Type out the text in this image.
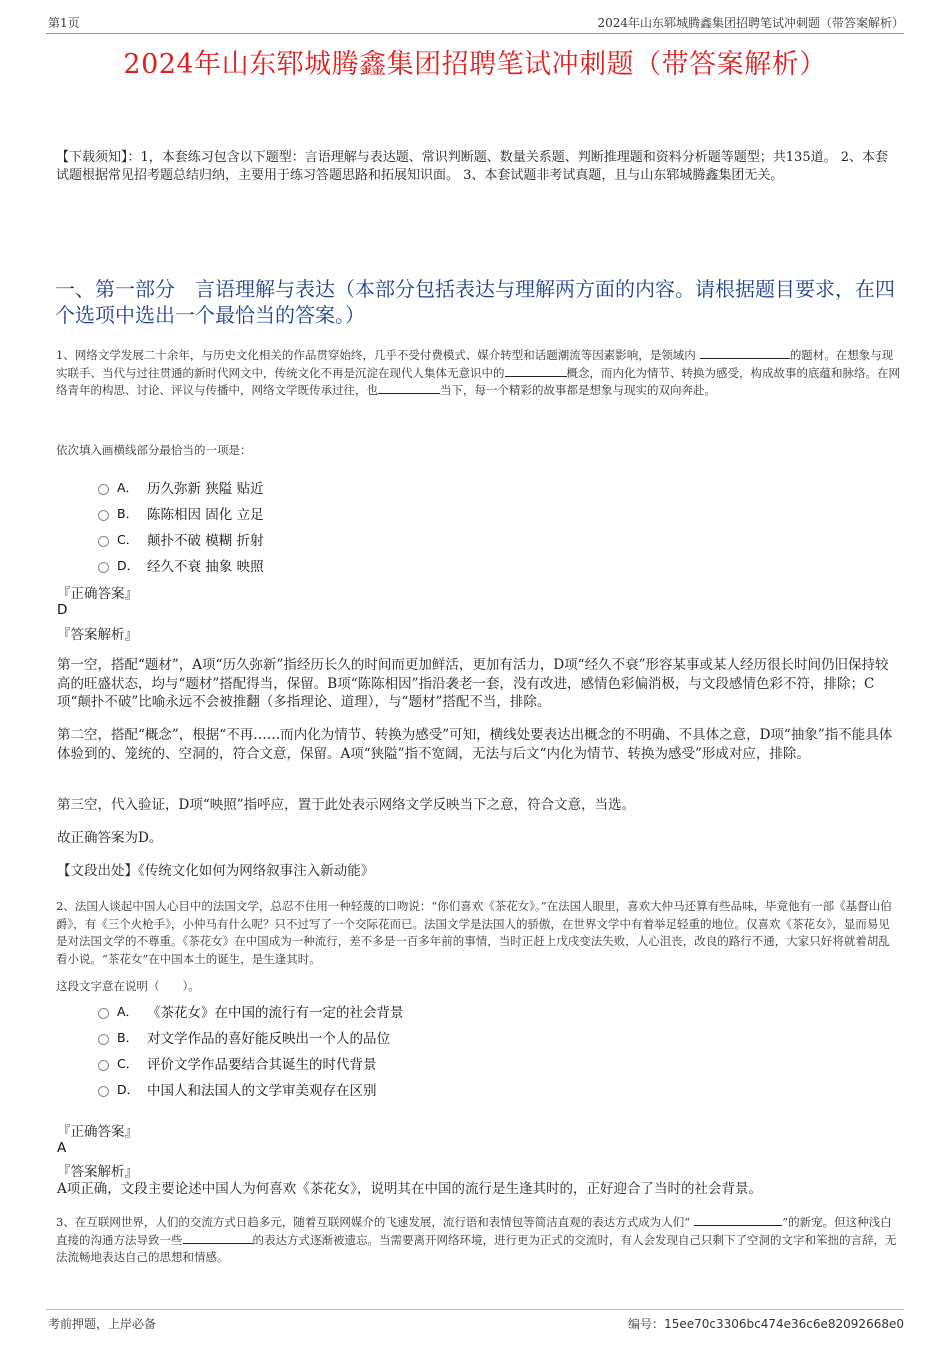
第1页	2024年山东郓城腾鑫集团招聘笔试冲刺题（带答案解析）
2024年山东郓城腾鑫集团招聘笔试冲刺题（带答案解析）
【下载须知】：1，本套练习包含以下题型：言语理解与表达题、常识判断题、数量关系题、判断推理题和资料分析题等题型；共135道。 2、本套试题根据常见招考题总结归纳，主要用于练习答题思路和拓展知识面。 3、本套试题非考试真题，且与山东郓城腾鑫集团无关。
一、第一部分　言语理解与表达（本部分包括表达与理解两方面的内容。请根据题目要求，在四个选项中选出一个最恰当的答案。）
1、网络文学发展二十余年，与历史文化相关的作品贯穿始终，几乎不受付费模式、媒介转型和话题潮流等因素影响，是领域内	的题材。在想象与现实联手、当代与过往贯通的新时代网文中，传统文化不再是沉淀在现代人集体无意识中的	概念，而内化为情节、转换为感受，构成故事的底蕴和脉络。在网络青年的构思、讨论、评议与传播中，网络文学既传承过往，也	当下，每一个精彩的故事都是想象与现实的双向奔赴。
依次填入画横线部分最恰当的一项是：
A． 历久弥新 狭隘 贴近
B． 陈陈相因 固化 立足
C． 颠扑不破 模糊 折射
D． 经久不衰 抽象 映照
『正确答案』
D
『答案解析』
第一空，搭配“题材”，A项“历久弥新”指经历长久的时间而更加鲜活，更加有活力，D项“经久不衰”形容某事或某人经历很长时间仍旧保持较高的旺盛状态，均与“题材”搭配得当，保留。B项“陈陈相因”指沿袭老一套，没有改进，感情色彩偏消极，与文段感情色彩不符，排除；C项“颠扑不破”比喻永远不会被推翻（多指理论、道理），与“题材”搭配不当，排除。
第二空，搭配“概念”，根据“不再……而内化为情节、转换为感受”可知，横线处要表达出概念的不明确、不具体之意，D项“抽象”指不能具体体验到的、笼统的、空洞的，符合文意，保留。A项“狭隘”指不宽阔，无法与后文“内化为情节、转换为感受”形成对应，排除。
第三空，代入验证，D项“映照”指呼应，置于此处表示网络文学反映当下之意，符合文意，当选。
故正确答案为D。
【文段出处】《传统文化如何为网络叙事注入新动能》
2、法国人谈起中国人心目中的法国文学，总忍不住用一种轻蔑的口吻说：“你们喜欢《茶花女》。”在法国人眼里，喜欢大仲马还算有些品味，毕竟他有一部《基督山伯爵》，有《三个火枪手》，小仲马有什么呢？只不过写了一个交际花而已。法国文学是法国人的骄傲，在世界文学中有着举足轻重的地位。仅喜欢《茶花女》，显而易见是对法国文学的不尊重。《茶花女》在中国成为一种流行，差不多是一百多年前的事情，当时正赶上戊戌变法失败，人心沮丧，改良的路行不通，大家只好将就着胡乱看小说。“茶花女”在中国本土的诞生，是生逢其时。
这段文字意在说明（　　）。
A． 《茶花女》在中国的流行有一定的社会背景
B． 对文学作品的喜好能反映出一个人的品位
C． 评价文学作品要结合其诞生的时代背景
D． 中国人和法国人的文学审美观存在区别
『正确答案』
A
『答案解析』
A项正确，文段主要论述中国人为何喜欢《茶花女》，说明其在中国的流行是生逢其时的，正好迎合了当时的社会背景。
3、在互联网世界，人们的交流方式日趋多元，随着互联网媒介的飞速发展，流行语和表情包等简洁直观的表达方式成为人们“	”的新宠。但这种浅白直接的沟通方法导致一些	的表达方式逐渐被遗忘。当需要离开网络环境，进行更为正式的交流时，有人会发现自己只剩下了空洞的文字和笨拙的言辞，无法流畅地表达自己的思想和情感。
考前押题，上岸必备	编号：15ee70c3306bc474e36c6e82092668e0
